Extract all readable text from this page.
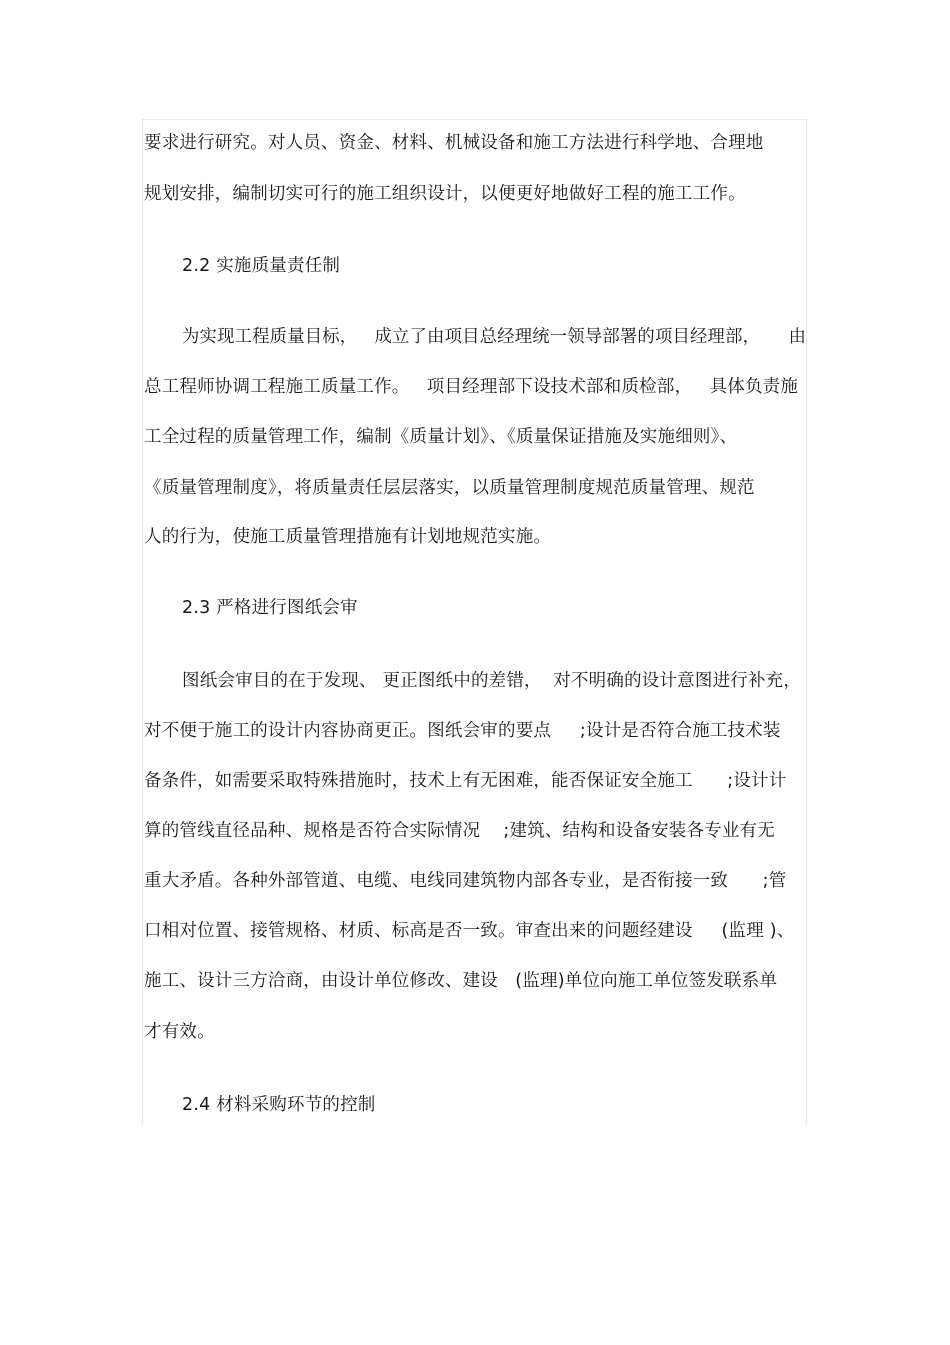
要求进行研究。对人员、资金、材料、机械设备和施工方法进行科学地、合理地
规划安排，编制切实可行的施工组织设计，以便更好地做好工程的施工工作。
2.2 实施质量责任制
为实现工程质量目标，   成立了由项目总经理统一领导部署的项目经理部，     由
总工程师协调工程施工质量工作。   项目经理部下设技术部和质检部，   具体负责施
工全过程的质量管理工作，编制《质量计划》、《质量保证措施及实施细则》、
《质量管理制度》，将质量责任层层落实，以质量管理制度规范质量管理、规范
人的行为，使施工质量管理措施有计划地规范实施。
2.3 严格进行图纸会审
图纸会审目的在于发现、 更正图纸中的差错，  对不明确的设计意图进行补充，
对不便于施工的设计内容协商更正。图纸会审的要点     ;设计是否符合施工技术装
备条件，如需要采取特殊措施时，技术上有无困难，能否保证安全施工      ;设计计
算的管线直径品种、规格是否符合实际情况    ;建筑、结构和设备安装各专业有无
重大矛盾。各种外部管道、电缆、电线同建筑物内部各专业，是否衔接一致      ;管
口相对位置、接管规格、材质、标高是否一致。审查出来的问题经建设     (监理 )、
施工、设计三方洽商，由设计单位修改、建设   (监理)单位向施工单位签发联系单
才有效。
2.4 材料采购环节的控制
